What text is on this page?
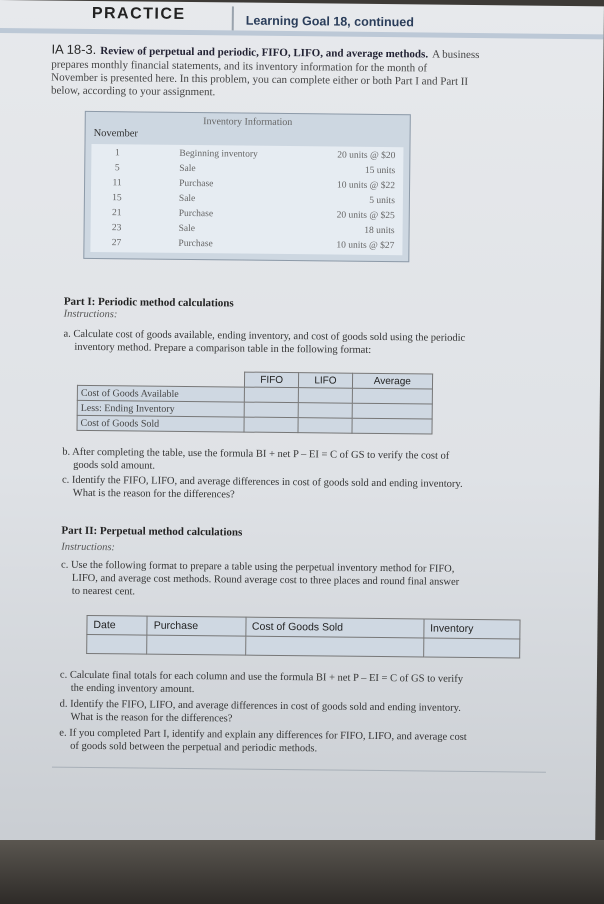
PRACTICE	Learning Goal 18, continued
IA 18-3. Review of perpetual and periodic, FIFO, LIFO, and average methods. A business
prepares monthly financial statements, and its inventory information for the month of
November is presented here. In this problem, you can complete either or both Part I and Part II
below, according to your assignment.
Inventory Information
November
1	Beginning inventory	20 units @ $20
5	Sale	15 units
11	Purchase	10 units @ $22
15	Sale	5 units
21	Purchase	20 units @ $25
23	Sale	18 units
27	Purchase	10 units @ $27
Part I: Periodic method calculations
Instructions:
a. Calculate cost of goods available, ending inventory, and cost of goods sold using the periodic
inventory method. Prepare a comparison table in the following format:
	FIFO	LIFO	Average
Cost of Goods Available			
Less: Ending Inventory			
Cost of Goods Sold			
b. After completing the table, use the formula BI + net P – EI = C of GS to verify the cost of
goods sold amount.
c. Identify the FIFO, LIFO, and average differences in cost of goods sold and ending inventory.
What is the reason for the differences?
Part II: Perpetual method calculations
Instructions:
c. Use the following format to prepare a table using the perpetual inventory method for FIFO,
LIFO, and average cost methods. Round average cost to three places and round final answer
to nearest cent.
Date	Purchase	Cost of Goods Sold	Inventory

c. Calculate final totals for each column and use the formula BI + net P – EI = C of GS to verify
the ending inventory amount.
d. Identify the FIFO, LIFO, and average differences in cost of goods sold and ending inventory.
What is the reason for the differences?
e. If you completed Part I, identify and explain any differences for FIFO, LIFO, and average cost
of goods sold between the perpetual and periodic methods.
